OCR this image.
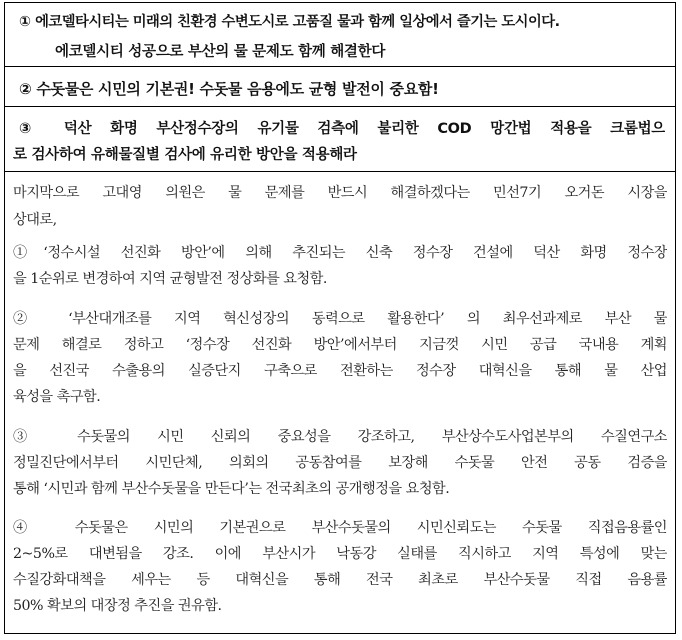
① 에코델타시티는 미래의 친환경 수변도시로 고품질 물과 함께 일상에서 즐기는 도시이다.
에코델시티 성공으로 부산의 물 문제도 함께 해결한다
② 수돗물은 시민의 기본권! 수돗물 음용에도 균형 발전이 중요함!
③ 덕산 화명 부산정수장의 유기물 검측에 불리한 COD 망간법 적용을 크롬법으
로 검사하여 유해물질별 검사에 유리한 방안을 적용해라
마지막으로 고대영 의원은 물 문제를 반드시 해결하겠다는 민선7기 오거돈 시장을
상대로,
①‘정수시설 선진화 방안’에 의해 추진되는 신축 정수장 건설에 덕산 화명 정수장
을 1순위로 변경하여 지역 균형발전 정상화를 요청함.
② ‘부산대개조를 지역 혁신성장의 동력으로 활용한다’ 의 최우선과제로 부산 물
문제 해결로 정하고 ‘정수장 선진화 방안’에서부터 지금껏 시민 공급 국내용 계획
을 선진국 수출용의 실증단지 구축으로 전환하는 정수장 대혁신을 통해 물 산업
육성을 촉구함.
③ 수돗물의 시민 신뢰의 중요성을 강조하고, 부산상수도사업본부의 수질연구소
정밀진단에서부터 시민단체, 의회의 공동참여를 보장해 수돗물 안전 공동 검증을
통해 ‘시민과 함께 부산수돗물을 만든다’는 전국최초의 공개행정을 요청함.
④ 수돗물은 시민의 기본권으로 부산수돗물의 시민신뢰도는 수돗물 직접음용률인
2~5%로 대변됨을 강조. 이에 부산시가 낙동강 실태를 직시하고 지역 특성에 맞는
수질강화대책을 세우는 등 대혁신을 통해 전국 최초로 부산수돗물 직접 음용률
50% 확보의 대장정 추진을 권유함.
